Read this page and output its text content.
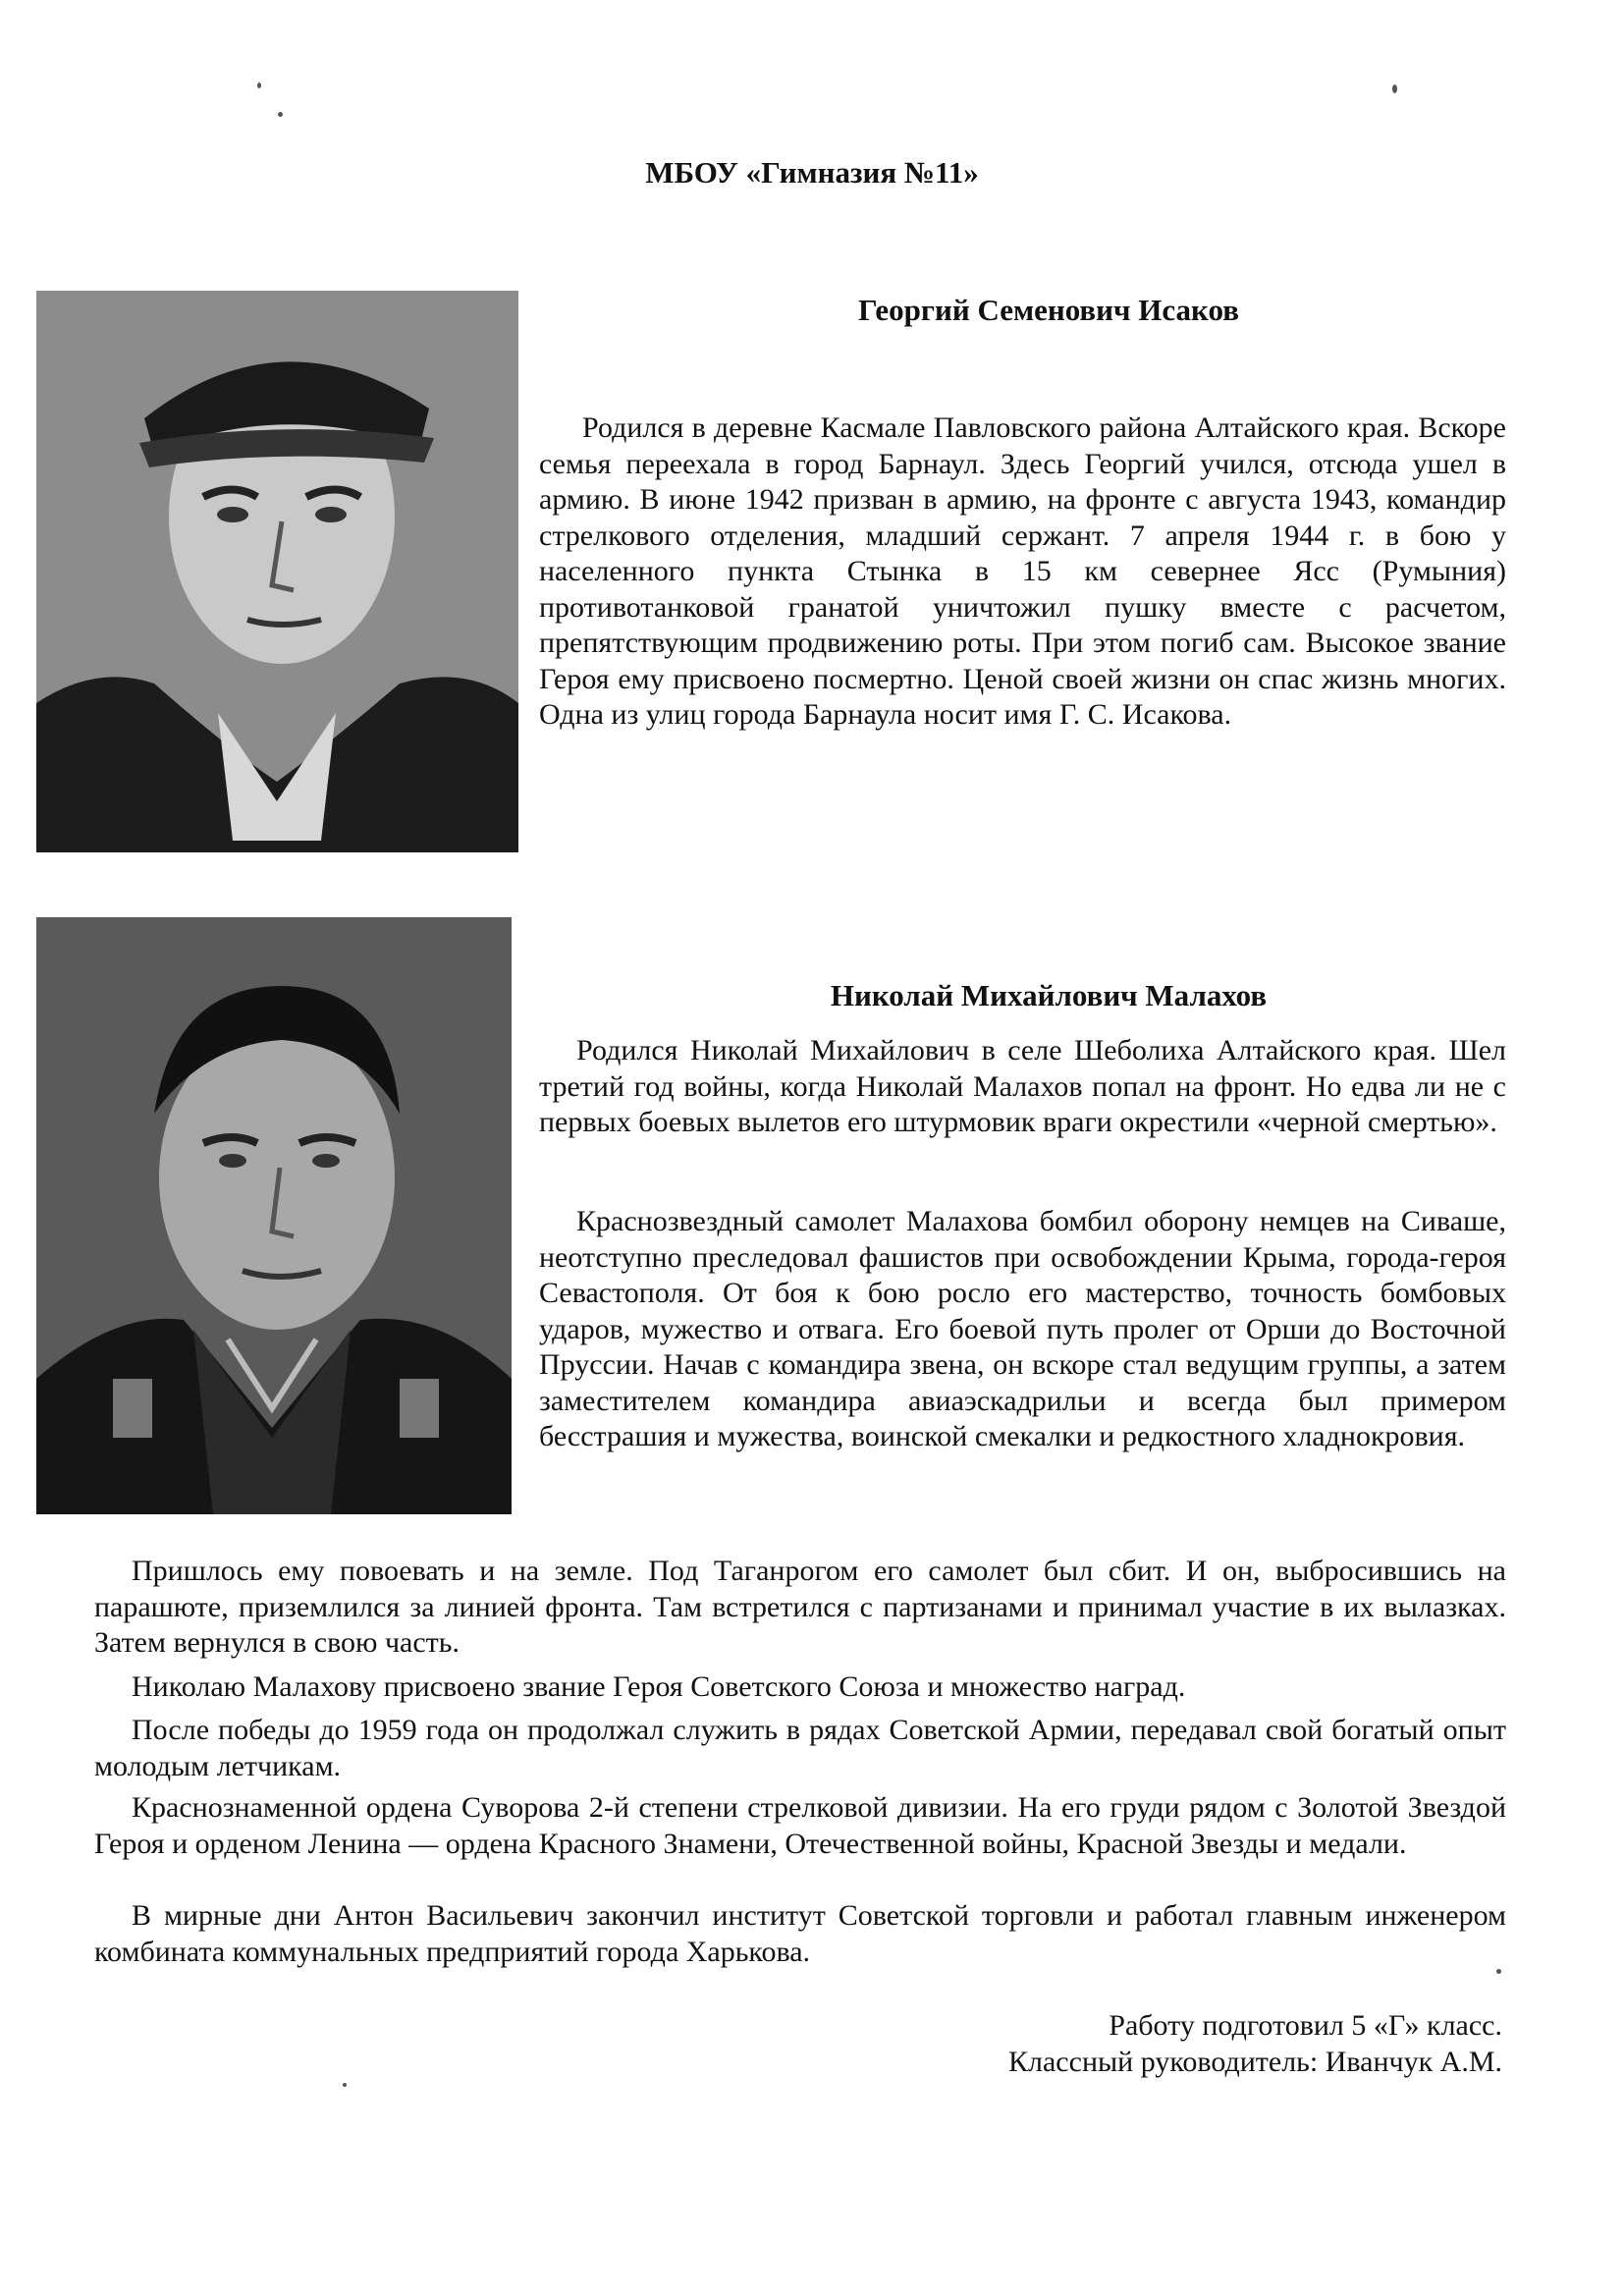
МБОУ «Гимназия №11»
Георгий Семенович Исаков

Родился в деревне Касмале Павловского района Алтайского края. Вскоре семья переехала в город Барнаул. Здесь Георгий учился, отсюда ушел в армию. В июне 1942 призван в армию, на фронте с августа 1943, командир стрелкового отделения, младший сержант. 7 апреля 1944 г. в бою у населенного пункта Стынка в 15 км севернее Ясс (Румыния) противотанковой гранатой уничтожил пушку вместе с расчетом, препятствующим продвижению роты. При этом погиб сам. Высокое звание Героя ему присвоено посмертно. Ценой своей жизни он спас жизнь многих. Одна из улиц города Барнаула носит имя Г. С. Исакова.

Николай Михайлович Малахов

Родился Николай Михайлович в селе Шеболиха Алтайского края. Шел третий год войны, когда Николай Малахов попал на фронт. Но едва ли не с первых боевых вылетов его штурмовик враги окрестили «черной смертью».

Краснозвездный самолет Малахова бомбил оборону немцев на Сиваше, неотступно преследовал фашистов при освобождении Крыма, города-героя Севастополя. От боя к бою росло его мастерство, точность бомбовых ударов, мужество и отвага. Его боевой путь пролег от Орши до Восточной Пруссии. Начав с командира звена, он вскоре стал ведущим группы, а затем заместителем командира авиаэскадрильи и всегда был примером бесстрашия и мужества, воинской смекалки и редкостного хладнокровия.

Пришлось ему повоевать и на земле. Под Таганрогом его самолет был сбит. И он, выбросившись на парашюте, приземлился за линией фронта. Там встретился с партизанами и принимал участие в их вылазках. Затем вернулся в свою часть.

Николаю Малахову присвоено звание Героя Советского Союза и множество наград.

После победы до 1959 года он продолжал служить в рядах Советской Армии, передавал свой богатый опыт молодым летчикам.

Краснознаменной ордена Суворова 2-й степени стрелковой дивизии. На его груди рядом с Золотой Звездой Героя и орденом Ленина — ордена Красного Знамени, Отечественной войны, Красной Звезды и медали.

В мирные дни Антон Васильевич закончил институт Советской торговли и работал главным инженером комбината коммунальных предприятий города Харькова.

Работу подготовил 5 «Г» класс.
Классный руководитель: Иванчук А.М.
